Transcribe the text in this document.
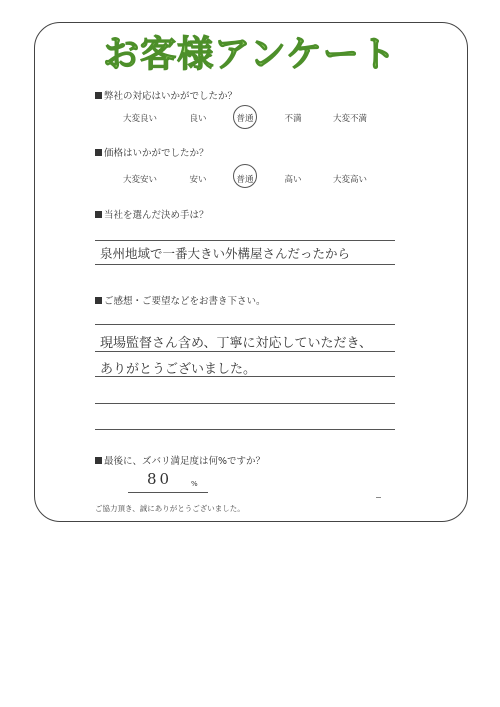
お客様アンケート
弊社の対応はいかがでしたか？
大変良い	良い	普通	不満	大変不満
価格はいかがでしたか？
大変安い	安い	普通	高い	大変高い
当社を選んだ決め手は？
泉州地域で一番大きい外構屋さんだったから
ご感想・ご要望などをお書き下さい。
現場監督さん含め、丁寧に対応していただき、
ありがとうございました。
最後に、ズバリ満足度は何%ですか？
80	%
ご協力頂き、誠にありがとうございました。
